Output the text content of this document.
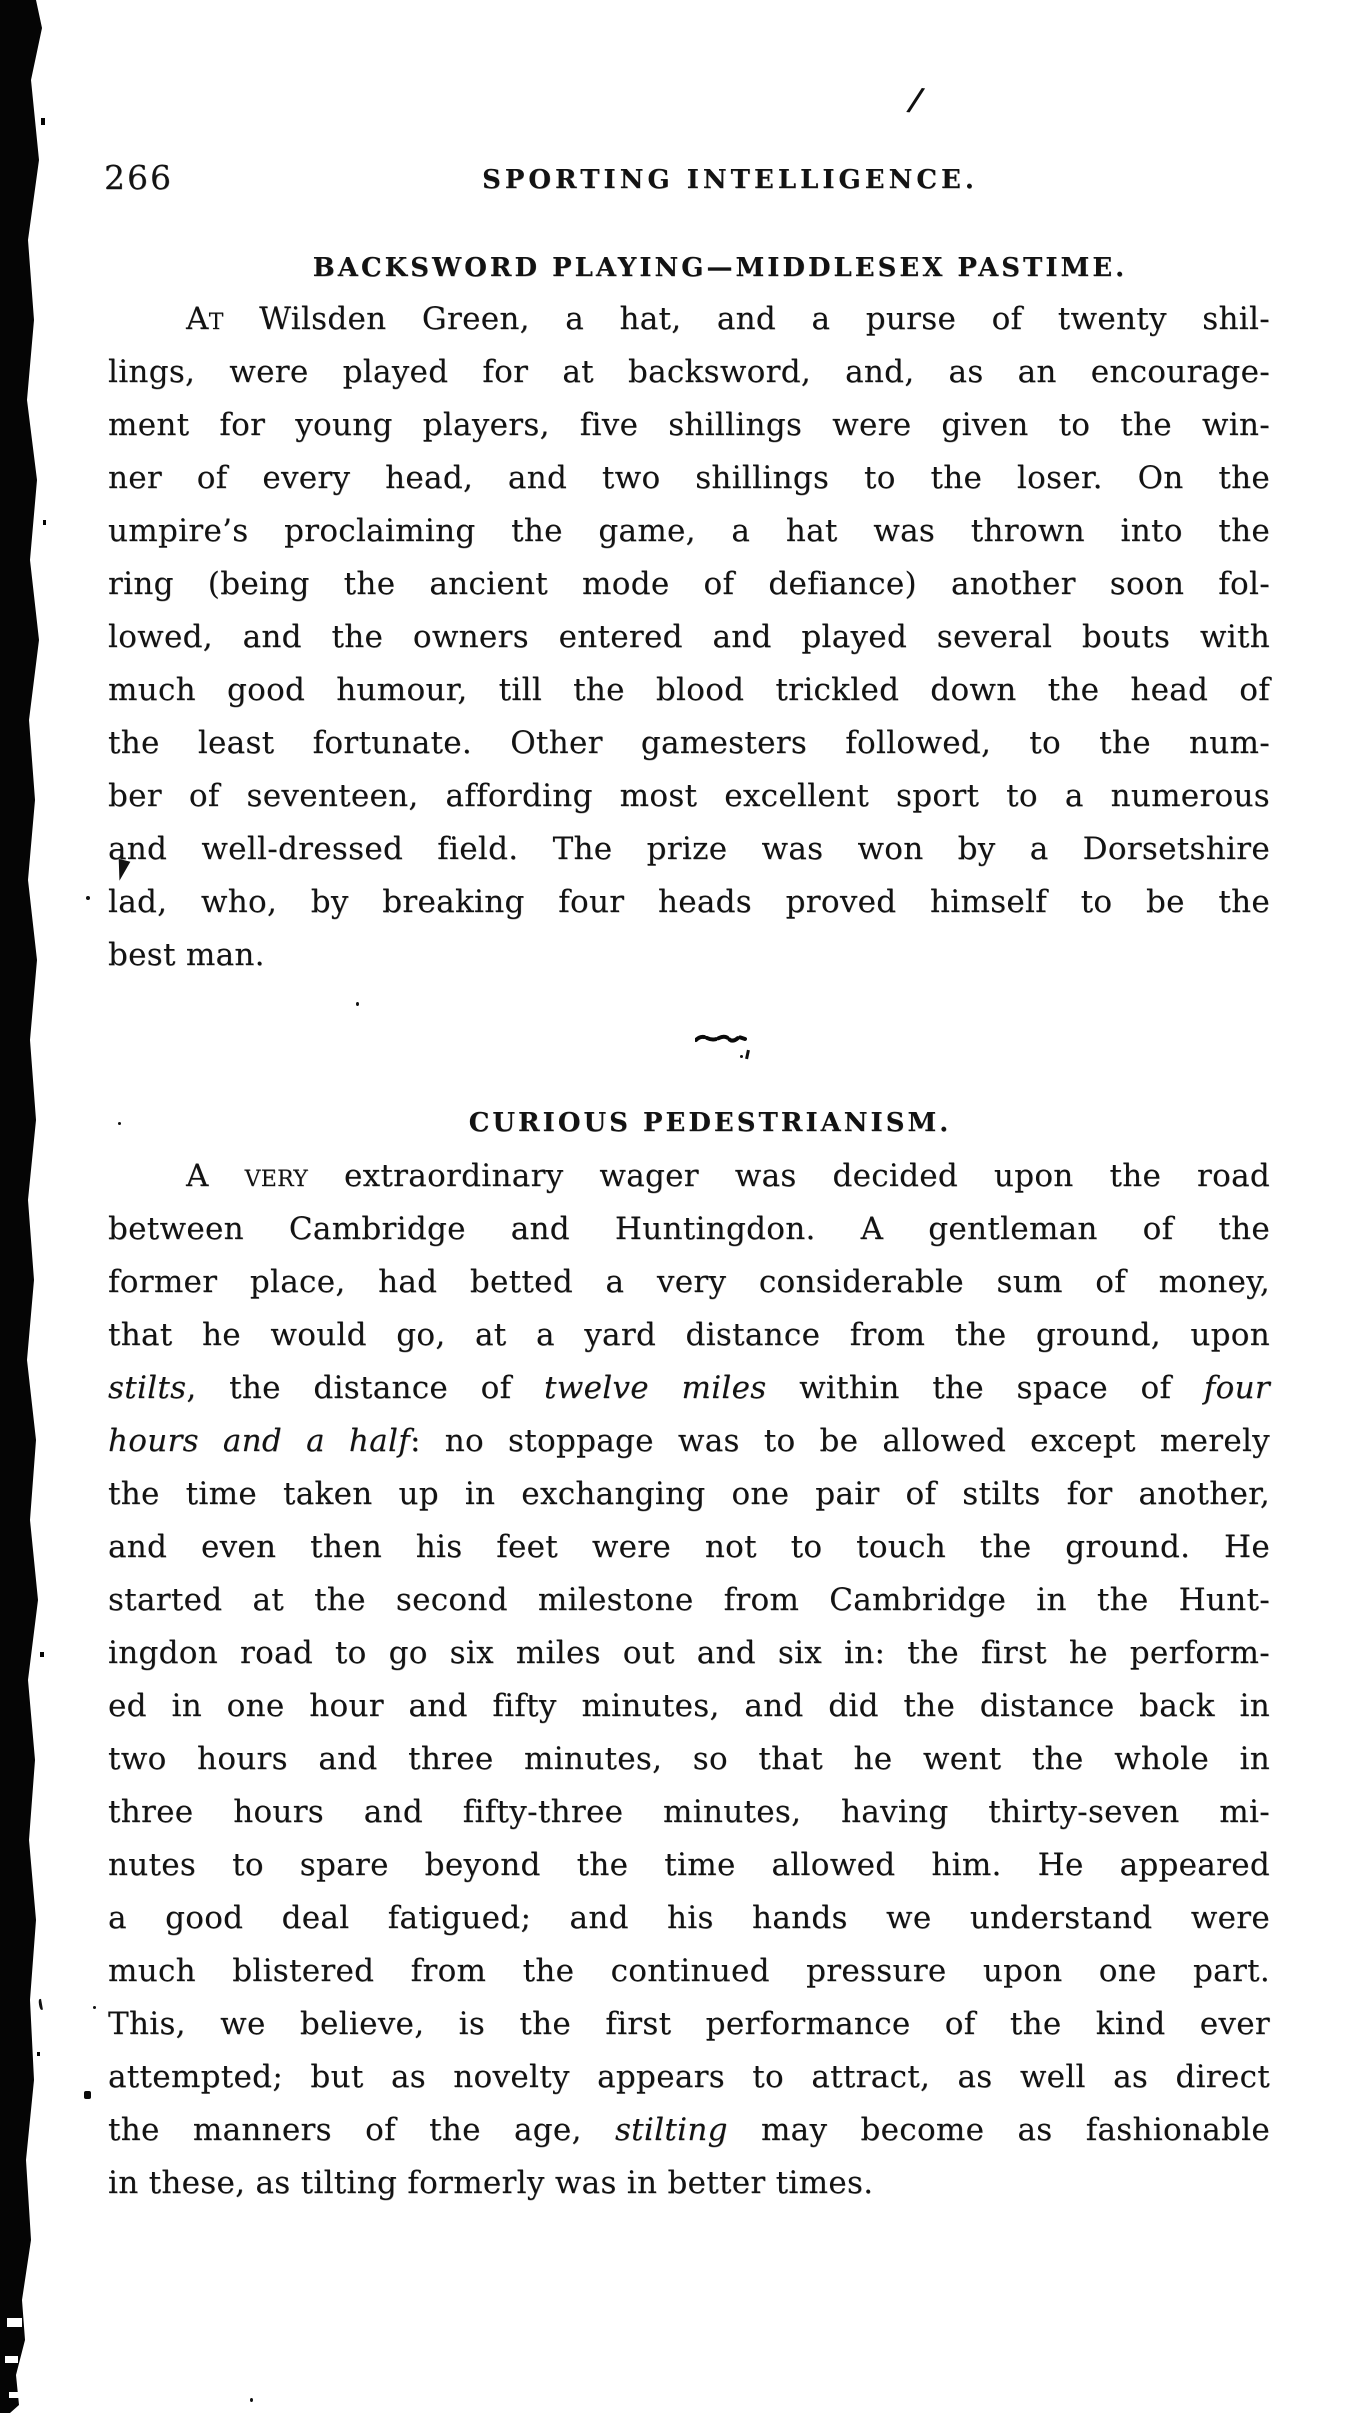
266	SPORTING INTELLIGENCE.
BACKSWORD PLAYING—MIDDLESEX PASTIME.
At Wilsden Green, a hat, and a purse of twenty shil-
lings, were played for at backsword, and, as an encourage-
ment for young players, five shillings were given to the win-
ner of every head, and two shillings to the loser. On the
umpire’s proclaiming the game, a hat was thrown into the
ring (being the ancient mode of defiance) another soon fol-
lowed, and the owners entered and played several bouts with
much good humour, till the blood trickled down the head of
the least fortunate. Other gamesters followed, to the num-
ber of seventeen, affording most excellent sport to a numerous
and well-dressed field. The prize was won by a Dorsetshire
lad, who, by breaking four heads proved himself to be the
best man.
CURIOUS PEDESTRIANISM.
A very extraordinary wager was decided upon the road
between Cambridge and Huntingdon. A gentleman of the
former place, had betted a very considerable sum of money,
that he would go, at a yard distance from the ground, upon
stilts, the distance of twelve miles within the space of four
hours and a half: no stoppage was to be allowed except merely
the time taken up in exchanging one pair of stilts for another,
and even then his feet were not to touch the ground. He
started at the second milestone from Cambridge in the Hunt-
ingdon road to go six miles out and six in: the first he perform-
ed in one hour and fifty minutes, and did the distance back in
two hours and three minutes, so that he went the whole in
three hours and fifty-three minutes, having thirty-seven mi-
nutes to spare beyond the time allowed him. He appeared
a good deal fatigued; and his hands we understand were
much blistered from the continued pressure upon one part.
This, we believe, is the first performance of the kind ever
attempted; but as novelty appears to attract, as well as direct
the manners of the age, stilting may become as fashionable
in these, as tilting formerly was in better times.
/
